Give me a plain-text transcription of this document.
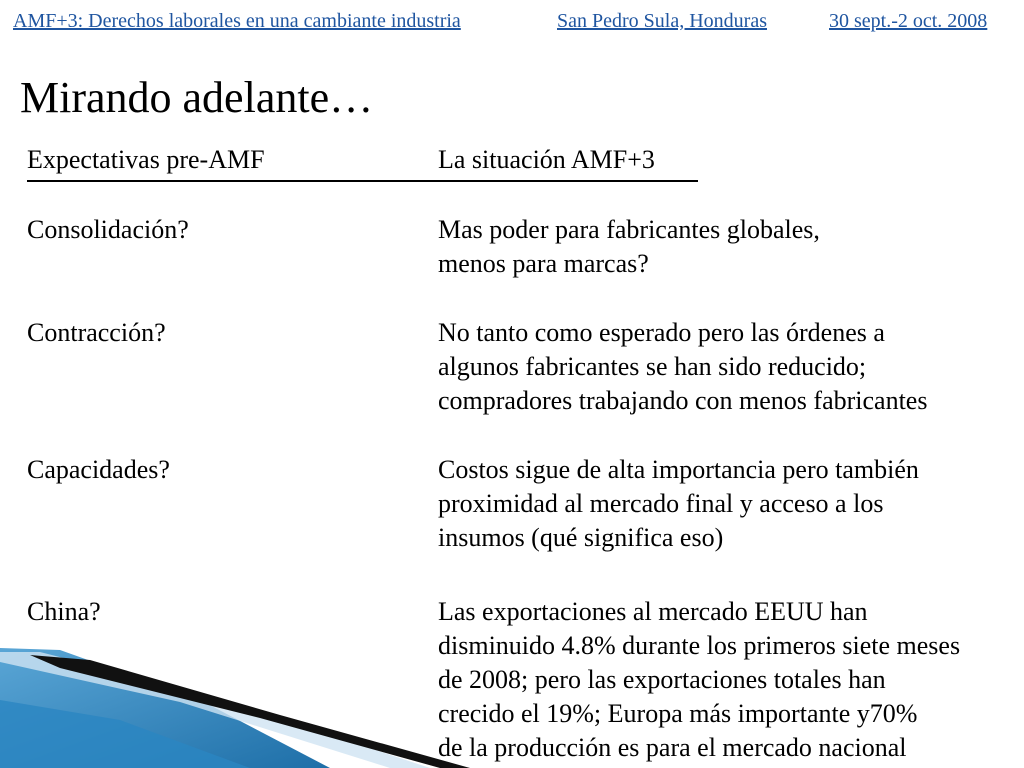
AMF+3: Derechos laborales en una cambiante industria

	San Pedro Sula, Honduras

	30 sept.-2 oct. 2008

Mirando adelante…
Expectativas pre-AMF	La situación AMF+3
Consolidación?	Mas poder para fabricantes globales,
menos para marcas?
Contracción?	No tanto como esperado pero las órdenes a
algunos fabricantes se han sido reducido;
compradores trabajando con menos fabricantes
Capacidades?	Costos sigue de alta importancia pero también
proximidad al mercado final y acceso a los
insumos (qué significa eso)
China?	Las exportaciones al mercado EEUU han
disminuido 4.8% durante los primeros siete meses
de 2008; pero las exportaciones totales han
crecido el 19%; Europa más importante y70%
de la producción es para el mercado nacional
